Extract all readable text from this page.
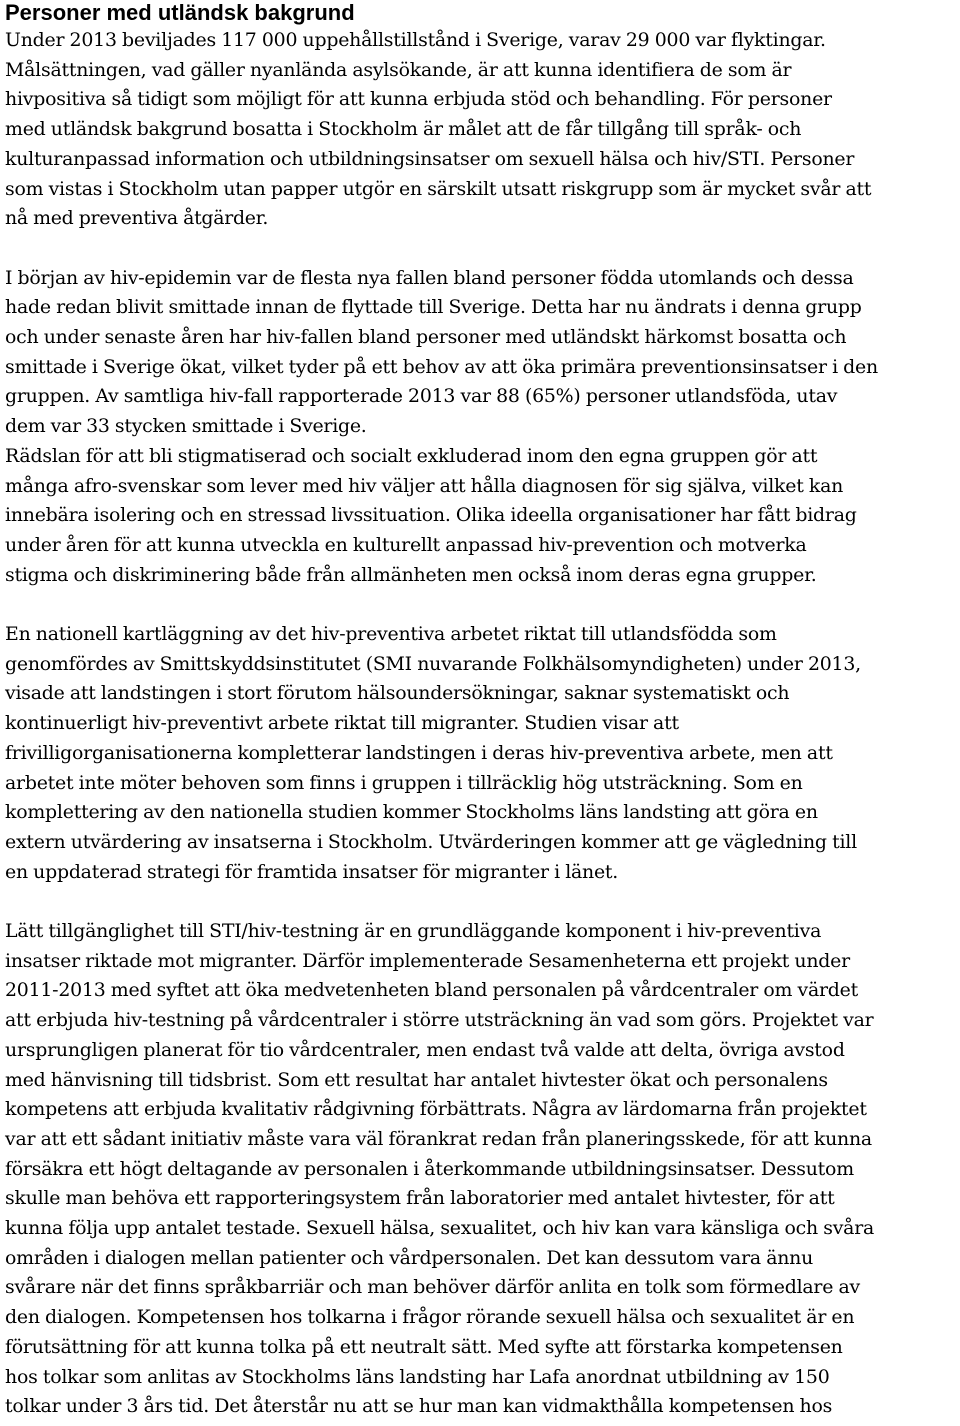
Personer med utländsk bakgrund
Under 2013 beviljades 117 000 uppehållstillstånd i Sverige, varav 29 000 var flyktingar.
Målsättningen, vad gäller nyanlända asylsökande, är att kunna identifiera de som är
hivpositiva så tidigt som möjligt för att kunna erbjuda stöd och behandling. För personer
med utländsk bakgrund bosatta i Stockholm är målet att de får tillgång till språk- och
kulturanpassad information och utbildningsinsatser om sexuell hälsa och hiv/STI. Personer
som vistas i Stockholm utan papper utgör en särskilt utsatt riskgrupp som är mycket svår att
nå med preventiva åtgärder.
I början av hiv-epidemin var de flesta nya fallen bland personer födda utomlands och dessa
hade redan blivit smittade innan de flyttade till Sverige. Detta har nu ändrats i denna grupp
och under senaste åren har hiv-fallen bland personer med utländskt härkomst bosatta och
smittade i Sverige ökat, vilket tyder på ett behov av att öka primära preventionsinsatser i den
gruppen. Av samtliga hiv-fall rapporterade 2013 var 88 (65%) personer utlandsföda, utav
dem var 33 stycken smittade i Sverige.
Rädslan för att bli stigmatiserad och socialt exkluderad inom den egna gruppen gör att
många afro-svenskar som lever med hiv väljer att hålla diagnosen för sig själva, vilket kan
innebära isolering och en stressad livssituation. Olika ideella organisationer har fått bidrag
under åren för att kunna utveckla en kulturellt anpassad hiv-prevention och motverka
stigma och diskriminering både från allmänheten men också inom deras egna grupper.
En nationell kartläggning av det hiv-preventiva arbetet riktat till utlandsfödda som
genomfördes av Smittskyddsinstitutet (SMI nuvarande Folkhälsomyndigheten) under 2013,
visade att landstingen i stort förutom hälsoundersökningar, saknar systematiskt och
kontinuerligt hiv-preventivt arbete riktat till migranter. Studien visar att
frivilligorganisationerna kompletterar landstingen i deras hiv-preventiva arbete, men att
arbetet inte möter behoven som finns i gruppen i tillräcklig hög utsträckning. Som en
komplettering av den nationella studien kommer Stockholms läns landsting att göra en
extern utvärdering av insatserna i Stockholm. Utvärderingen kommer att ge vägledning till
en uppdaterad strategi för framtida insatser för migranter i länet.
Lätt tillgänglighet till STI/hiv-testning är en grundläggande komponent i hiv-preventiva
insatser riktade mot migranter. Därför implementerade Sesamenheterna ett projekt under
2011-2013 med syftet att öka medvetenheten bland personalen på vårdcentraler om värdet
att erbjuda hiv-testning på vårdcentraler i större utsträckning än vad som görs. Projektet var
ursprungligen planerat för tio vårdcentraler, men endast två valde att delta, övriga avstod
med hänvisning till tidsbrist. Som ett resultat har antalet hivtester ökat och personalens
kompetens att erbjuda kvalitativ rådgivning förbättrats. Några av lärdomarna från projektet
var att ett sådant initiativ måste vara väl förankrat redan från planeringsskede, för att kunna
försäkra ett högt deltagande av personalen i återkommande utbildningsinsatser. Dessutom
skulle man behöva ett rapporteringsystem från laboratorier med antalet hivtester, för att
kunna följa upp antalet testade. Sexuell hälsa, sexualitet, och hiv kan vara känsliga och svåra
områden i dialogen mellan patienter och vårdpersonalen. Det kan dessutom vara ännu
svårare när det finns språkbarriär och man behöver därför anlita en tolk som förmedlare av
den dialogen. Kompetensen hos tolkarna i frågor rörande sexuell hälsa och sexualitet är en
förutsättning för att kunna tolka på ett neutralt sätt. Med syfte att förstarka kompetensen
hos tolkar som anlitas av Stockholms läns landsting har Lafa anordnat utbildning av 150
tolkar under 3 års tid. Det återstår nu att se hur man kan vidmakthålla kompetensen hos
